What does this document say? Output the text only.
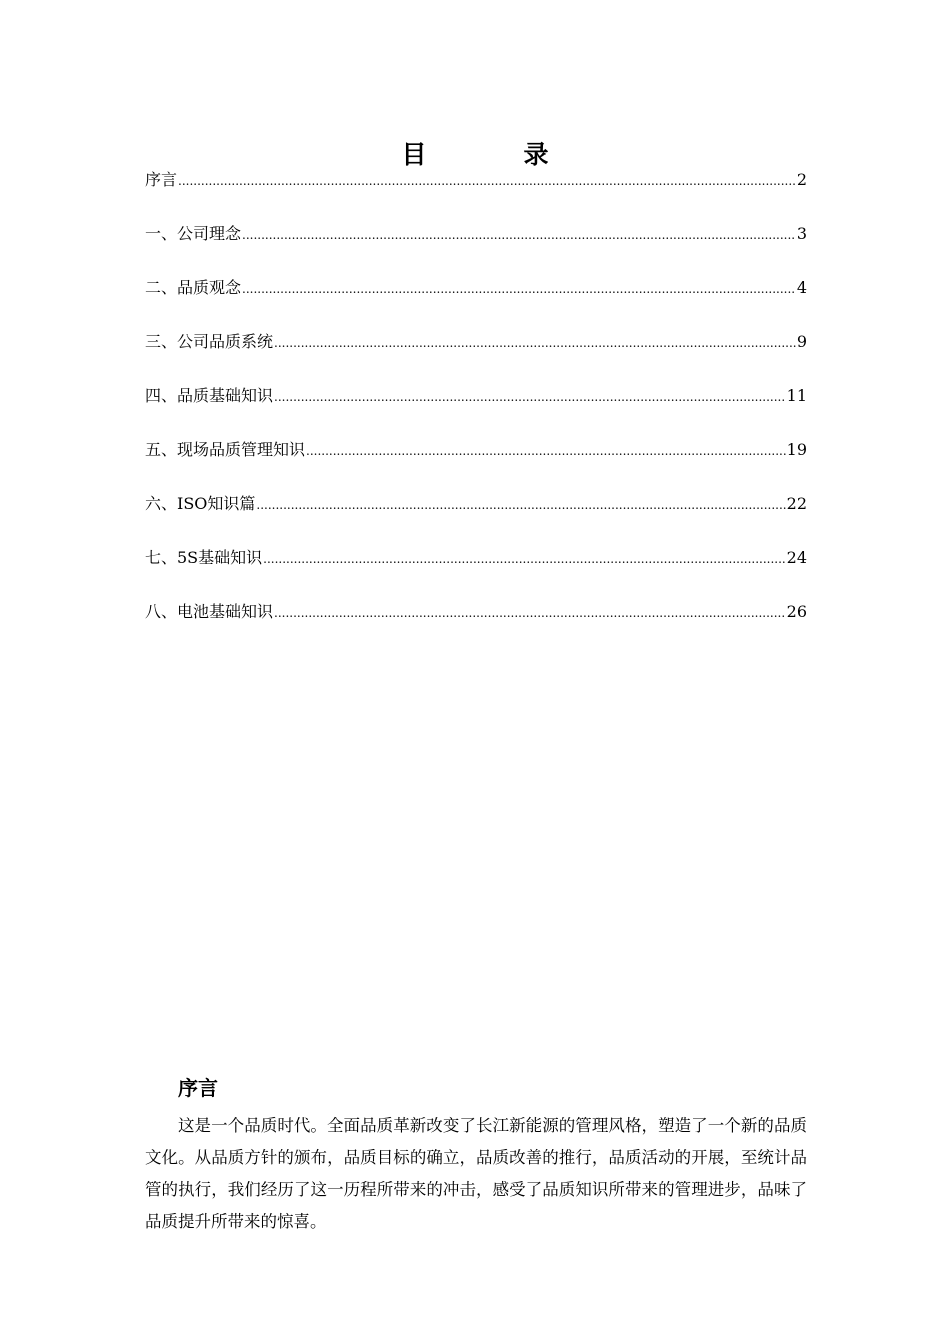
目　录
序言 .....	2
一、公司理念 .....	3
二、品质观念 .....	4
三、公司品质系统 .....	9
四、品质基础知识 .....	11
五、现场品质管理知识 .....	19
六、ISO知识篇 .....	22
七、5S基础知识 .....	24
八、电池基础知识 .....	26
序言

这是一个品质时代。全面品质革新改变了长江新能源的管理风格，塑造了一个新的品质文化。从品质方针的颁布，品质目标的确立，品质改善的推行，品质活动的开展，至统计品管的执行，我们经历了这一历程所带来的冲击，感受了品质知识所带来的管理进步，品味了品质提升所带来的惊喜。
